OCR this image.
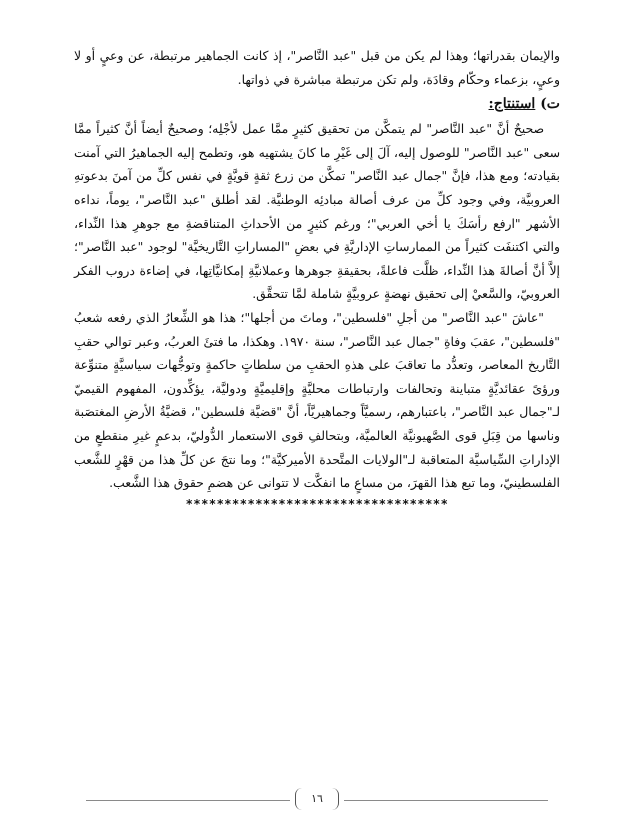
والإيمان بقدراتها؛ وهذا لم يكن من قبل "عبد النَّاصر"، إذ كانت الجماهير مرتبطة، عن وعيٍ أو لا وعيٍ، بزعماء وحكّام وقادَة، ولم تكن مرتبطة مباشرة في ذواتها.

ت) استنتاج:

صحيحٌ أنَّ "عبد النَّاصر" لم يتمكَّن من تحقيق كثيرٍ ممَّا عمل لأجْلِه؛ وصحيحٌ أيضاً أنَّ كثيراً ممَّا سعى "عبد النَّاصر" للوصول إليه، آلَ إلى غَيْرِ ما كانَ يشتهيه هو، وتطمح إليه الجماهيرُ التي آمنت بقيادته؛ ومع هذا، فإنَّ "جمال عبد النَّاصر" تمكَّن من زرع ثقةٍ قويَّةٍ في نفس كلِّ من آمنَ بدعوتهِ العروبيَّة، وفي وجود كلِّ من عرف أصالة مبادئِه الوطنيَّة. لقد أطلق "عبد النَّاصر"، يوماً، نداءه الأشهر "ارفع رأسَكَ يا أخي العربي"؛ ورغم كثيرٍ من الأحداثِ المتناقضةِ مع جوهرِ هذا النِّداء، والتي اكتنفَت كثيراً من الممارساتِ الإداريَّةِ في بعضِ "المساراتِ التَّاريخيَّة" لوجود "عبد النَّاصر"؛ إلاَّ أنَّ أصالةَ هذا النِّداء، ظلَّت فاعلةً، بحقيقةِ جوهرها وعملانيَّةِ إمكانيَّاتِها، في إضاءة دروب الفكر العروبيّ، والسَّعيْ إلى تحقيق نهضةٍ عروبيَّةٍ شاملة لمَّا تتحقَّق.

"عاشَ "عبد النَّاصر" من أجلِ "فلسطين"، وماتَ من أجلها"؛ هذا هو الشِّعارُ الذي رفعه شعبُ "فلسطين"، عقبَ وفاةِ "جمال عبد النَّاصر"، سنة ١٩٧٠. وهكذا، ما فتئَ العربُ، وعبر توالي حقبِ التَّاريخ المعاصر، وتعدُّد ما تعاقبَ على هذهِ الحقبِ من سلطاتٍ حاكمةٍ وتوجُّهات سياسيَّةٍ متنوِّعة ورؤىً عقائديَّةٍ متباينة وتحالفات وارتباطات محليَّةٍ وإقليميَّةٍ ودوليَّة، يؤكِّدون، المفهوم القيميّ لـ"جمال عبد النَّاصر"، باعتبارهم، رسميَّاً وجماهيريَّاً، أنَّ "قضيَّة فلسطين"، قضيَّةُ الأرضِ المغتصَبة وناسها من قِبَلِ قوى الصَّهيونيَّة العالميَّة، وبتحالفِ قوى الاستعمار الدُّوليّ، بدعمٍ غيرِ منقطعٍ من الإداراتِ السِّياسيَّة المتعاقبة لـ"الولايات المتَّحدة الأميركيَّة"؛ وما نتجَ عن كلِّ هذا من قهْرٍ للشَّعب الفلسطينيّ، وما تبع هذا القهرَ، من مساعٍ ما انفكَّت لا تتوانى عن هضمِ حقوق هذا الشَّعب.

**********************************
١٦
